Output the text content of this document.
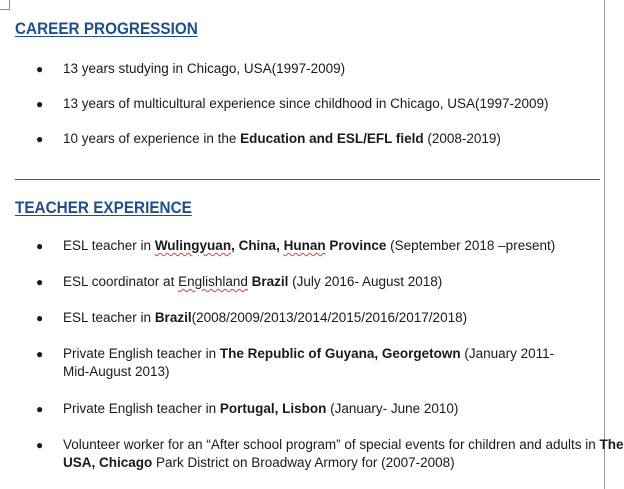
CAREER PROGRESSION
● 13 years studying in Chicago, USA(1997-2009)
● 13 years of multicultural experience since childhood in Chicago, USA(1997-2009)
● 10 years of experience in the Education and ESL/EFL field (2008-2019)
TEACHER EXPERIENCE
● ESL teacher in Wulingyuan, China, Hunan Province (September 2018 –present)
● ESL coordinator at Englishland Brazil (July 2016- August 2018)
● ESL teacher in Brazil(2008/2009/2013/2014/2015/2016/2017/2018)
● Private English teacher in The Republic of Guyana, Georgetown (January 2011-
Mid-August 2013)
● Private English teacher in Portugal, Lisbon (January- June 2010)
● Volunteer worker for an “After school program” of special events for children and adults in The
USA, Chicago Park District on Broadway Armory for (2007-2008)
